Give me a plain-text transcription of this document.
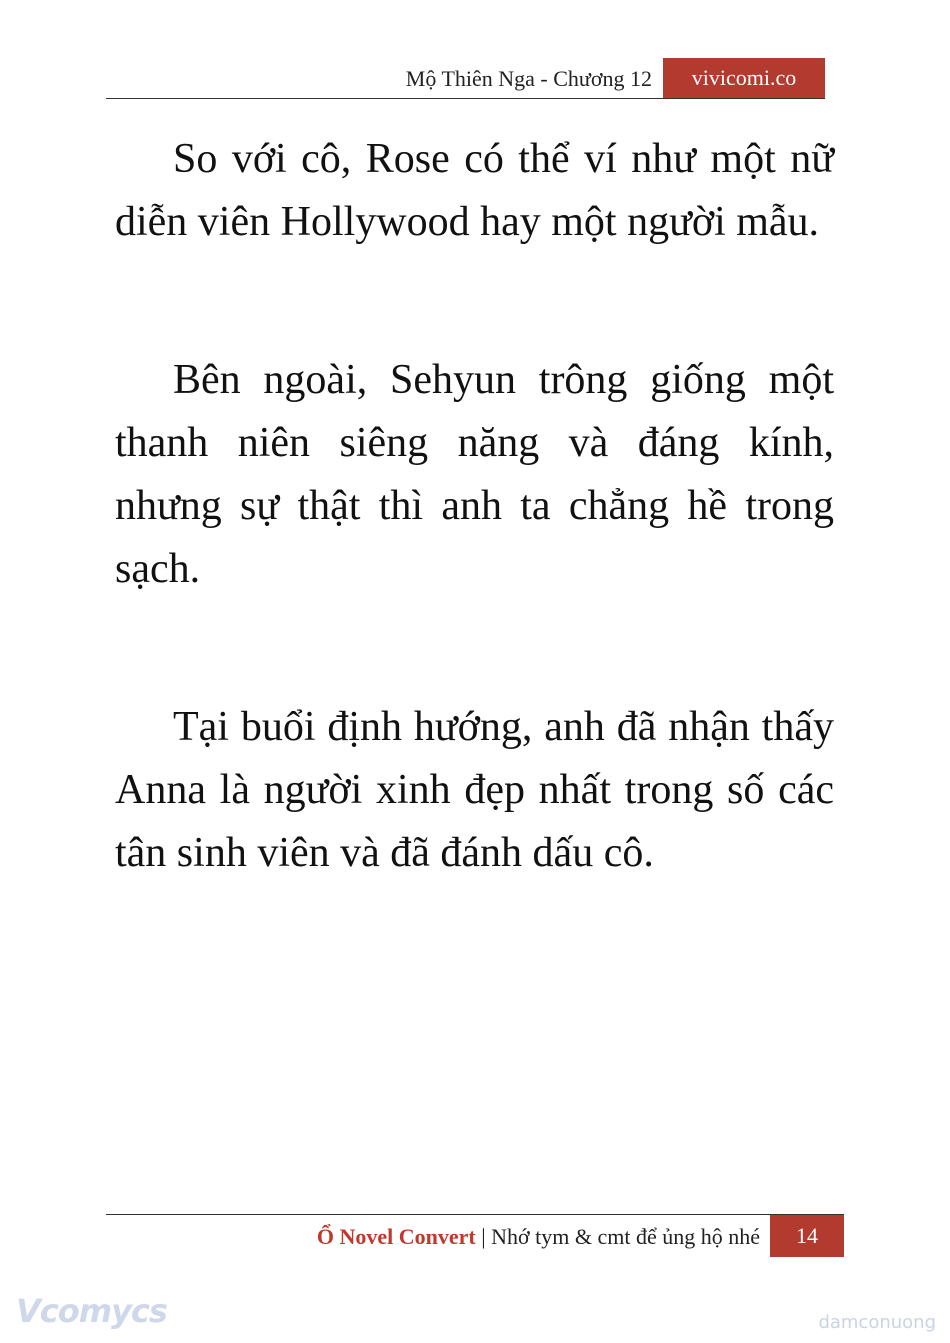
Mộ Thiên Nga - Chương 12	vivicomi.co

So với cô, Rose có thể ví như một nữ diễn viên Hollywood hay một người mẫu.

Bên ngoài, Sehyun trông giống một thanh niên siêng năng và đáng kính, nhưng sự thật thì anh ta chẳng hề trong sạch.

Tại buổi định hướng, anh đã nhận thấy Anna là người xinh đẹp nhất trong số các tân sinh viên và đã đánh dấu cô.

Ổ Novel Convert | Nhớ tym & cmt để ủng hộ nhé	14
Vcomycs	damconuong
